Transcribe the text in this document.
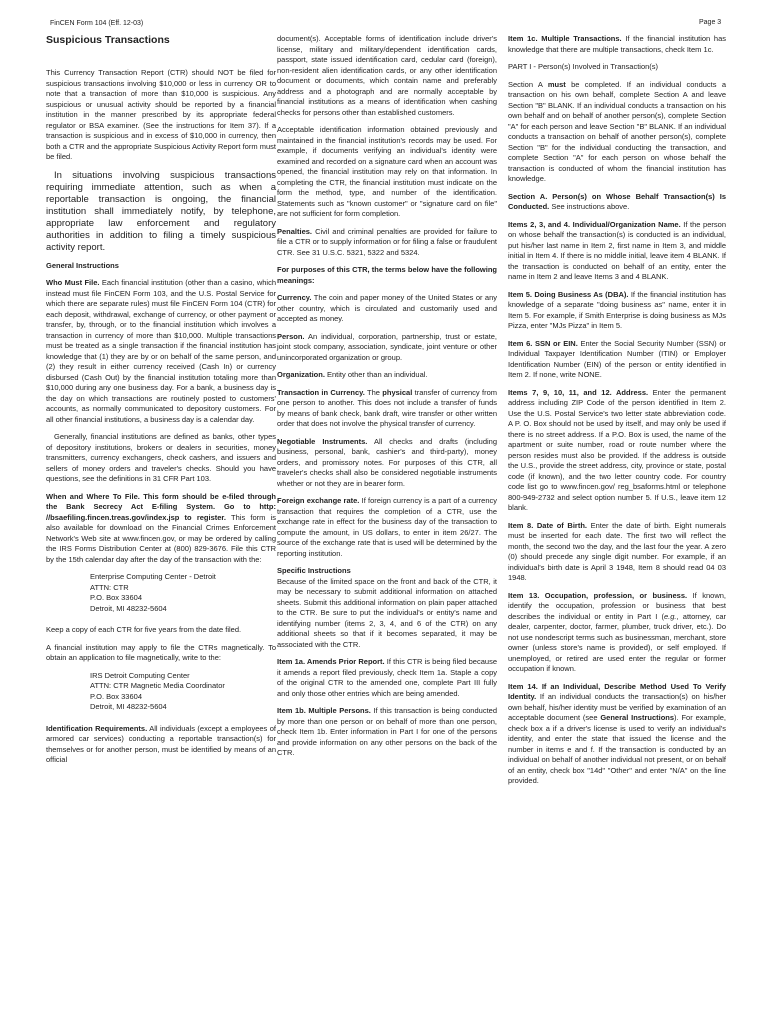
FinCEN Form 104 (Eff. 12-03)	Page 3
Suspicious Transactions

This Currency Transaction Report (CTR) should NOT be filed for suspicious transactions involving $10,000 or less in currency OR to note that a transaction of more than $10,000 is suspicious. Any suspicious or unusual activity should be reported by a financial institution in the manner prescribed by its appropriate federal regulator or BSA examiner. (See the instructions for Item 37). If a transaction is suspicious and in excess of $10,000 in currency, then both a CTR and the appropriate Suspicious Activity Report form must be filed.

In situations involving suspicious transactions requiring immediate attention, such as when a reportable transaction is ongoing, the financial institution shall immediately notify, by telephone, appropriate law enforcement and regulatory authorities in addition to filing a timely suspicious activity report.

General Instructions

Who Must File. Each financial institution (other than a casino, which instead must file FinCEN Form 103, and the U.S. Postal Service for which there are separate rules) must file FinCEN Form 104 (CTR) for each deposit, withdrawal, exchange of currency, or other payment or transfer, by, through, or to the financial institution which involves a transaction in currency of more than $10,000. Multiple transactions must be treated as a single transaction if the financial institution has knowledge that (1) they are by or on behalf of the same person, and (2) they result in either currency received (Cash In) or currency disbursed (Cash Out) by the financial institution totaling more than $10,000 during any one business day. For a bank, a business day is the day on which transactions are routinely posted to customers' accounts, as normally communicated to depository customers. For all other financial institutions, a business day is a calendar day.

Generally, financial institutions are defined as banks, other types of depository institutions, brokers or dealers in securities, money transmitters, currency exchangers, check cashers, and issuers and sellers of money orders and traveler's checks. Should you have questions, see the definitions in 31 CFR Part 103.

When and Where To File. This form should be e-filed through the Bank Secrecy Act E-filing System. Go to http: //bsaefiling.fincen.treas.gov/index.jsp to register. This form is also available for download on the Financial Crimes Enforcement Network's Web site at www.fincen.gov, or may be ordered by calling the IRS Forms Distribution Center at (800) 829-3676. File this CTR by the 15th calendar day after the day of the transaction with the:

Enterprise Computing Center - Detroit
ATTN: CTR
P.O. Box 33604
Detroit, MI 48232-5604

Keep a copy of each CTR for five years from the date filed.

A financial institution may apply to file the CTRs magnetically. To obtain an application to file magnetically, write to the:

IRS Detroit Computing Center
ATTN: CTR Magnetic Media Coordinator
P.O. Box 33604
Detroit, MI 48232-5604

Identification Requirements. All individuals (except a employees of armored car services) conducting a reportable transaction(s) for themselves or for another person, must be identified by means of an official

document(s). Acceptable forms of identification include driver's license, military and military/dependent identification cards, passport, state issued identification card, cedular card (foreign), non-resident alien identification cards, or any other identification document or documents, which contain name and preferably address and a photograph and are normally acceptable by financial institutions as a means of identification when cashing checks for persons other than established customers.

Acceptable identification information obtained previously and maintained in the financial institution's records may be used. For example, if documents verifying an individual's identity were examined and recorded on a signature card when an account was opened, the financial institution may rely on that information. In completing the CTR, the financial institution must indicate on the form the method, type, and number of the identification. Statements such as "known customer" or "signature card on file" are not sufficient for form completion.

Penalties. Civil and criminal penalties are provided for failure to file a CTR or to supply information or for filing a false or fraudulent CTR. See 31 U.S.C. 5321, 5322 and 5324.

For purposes of this CTR, the terms below have the following meanings:

Currency. The coin and paper money of the United States or any other country, which is circulated and customarily used and accepted as money.

Person. An individual, corporation, partnership, trust or estate, joint stock company, association, syndicate, joint venture or other unincorporated organization or group.

Organization. Entity other than an individual.

Transaction in Currency. The physical transfer of currency from one person to another. This does not include a transfer of funds by means of bank check, bank draft, wire transfer or other written order that does not involve the physical transfer of currency.

Negotiable Instruments. All checks and drafts (including business, personal, bank, cashier's and third-party), money orders, and promissory notes. For purposes of this CTR, all traveler's checks shall also be considered negotiable instruments whether or not they are in bearer form.

Foreign exchange rate. If foreign currency is a part of a currency transaction that requires the completion of a CTR, use the exchange rate in effect for the business day of the transaction to compute the amount, in US dollars, to enter in item 26/27. The source of the exchange rate that is used will be determined by the reporting institution.

Specific Instructions
Because of the limited space on the front and back of the CTR, it may be necessary to submit additional information on attached sheets. Submit this additional information on plain paper attached to the CTR. Be sure to put the individual's or entity's name and identifying number (items 2, 3, 4, and 6 of the CTR) on any additional sheets so that if it becomes separated, it may be associated with the CTR.

Item 1a. Amends Prior Report. If this CTR is being filed because it amends a report filed previously, check Item 1a. Staple a copy of the original CTR to the amended one, complete Part III fully and only those other entries which are being amended.

Item 1b. Multiple Persons. If this transaction is being conducted by more than one person or on behalf of more than one person, check Item 1b. Enter information in Part I for one of the persons and provide information on any other persons on the back of the CTR.

Item 1c. Multiple Transactions. If the financial institution has knowledge that there are multiple transactions, check Item 1c.

PART I - Person(s) Involved in Transaction(s)

Section A must be completed. If an individual conducts a transaction on his own behalf, complete Section A and leave Section "B" BLANK. If an individual conducts a transaction on his own behalf and on behalf of another person(s), complete Section "A" for each person and leave Section "B" BLANK. If an individual conducts a transaction on behalf of another person(s), complete Section "B" for the individual conducting the transaction, and complete Section "A" for each person on whose behalf the transaction is conducted of whom the financial institution has knowledge.

Section A. Person(s) on Whose Behalf Transaction(s) Is Conducted. See instructions above.

Items 2, 3, and 4. Individual/Organization Name. If the person on whose behalf the transaction(s) is conducted is an individual, put his/her last name in Item 2, first name in Item 3, and middle initial in Item 4. If there is no middle initial, leave item 4 BLANK. If the transaction is conducted on behalf of an entity, enter the name in Item 2 and leave Items 3 and 4 BLANK.

Item 5. Doing Business As (DBA). If the financial institution has knowledge of a separate "doing business as" name, enter it in Item 5. For example, if Smith Enterprise is doing business as MJs Pizza, enter "MJs Pizza" in Item 5.

Item 6. SSN or EIN. Enter the Social Security Number (SSN) or Individual Taxpayer Identification Number (ITIN) or Employer Identification Number (EIN) of the person or entity identified in Item 2. If none, write NONE.

Items 7, 9, 10, 11, and 12. Address. Enter the permanent address including ZIP Code of the person identified in Item 2. Use the U.S. Postal Service's two letter state abbreviation code. A P. O. Box should not be used by itself, and may only be used if there is no street address. If a P.O. Box is used, the name of the apartment or suite number, road or route number where the person resides must also be provided. If the address is outside the U.S., provide the street address, city, province or state, postal code (if known), and the two letter country code. For country code list go to www.fincen.gov/ reg_bsaforms.html or telephone 800-949-2732 and select option number 5. If U.S., leave item 12 blank.

Item 8. Date of Birth. Enter the date of birth. Eight numerals must be inserted for each date. The first two will reflect the month, the second two the day, and the last four the year. A zero (0) should precede any single digit number. For example, if an individual's birth date is April 3 1948, Item 8 should read 04 03 1948.

Item 13. Occupation, profession, or business. If known, identify the occupation, profession or business that best describes the individual or entity in Part I (e.g., attorney, car dealer, carpenter, doctor, farmer, plumber, truck driver, etc.). Do not use nondescript terms such as businessman, merchant, store owner (unless store's name is provided), or self employed. If unemployed, or retired are used enter the regular or former occupation if known.

Item 14. If an Individual, Describe Method Used To Verify Identity. If an individual conducts the transaction(s) on his/her own behalf, his/her identity must be verified by examination of an acceptable document (see General Instructions). For example, check box a if a driver's license is used to verify an individual's identity, and enter the state that issued the license and the number in items e and f. If the transaction is conducted by an individual on behalf of another individual not present, or on behalf of an entity, check box "14d" "Other" and enter "N/A" on the line provided.
